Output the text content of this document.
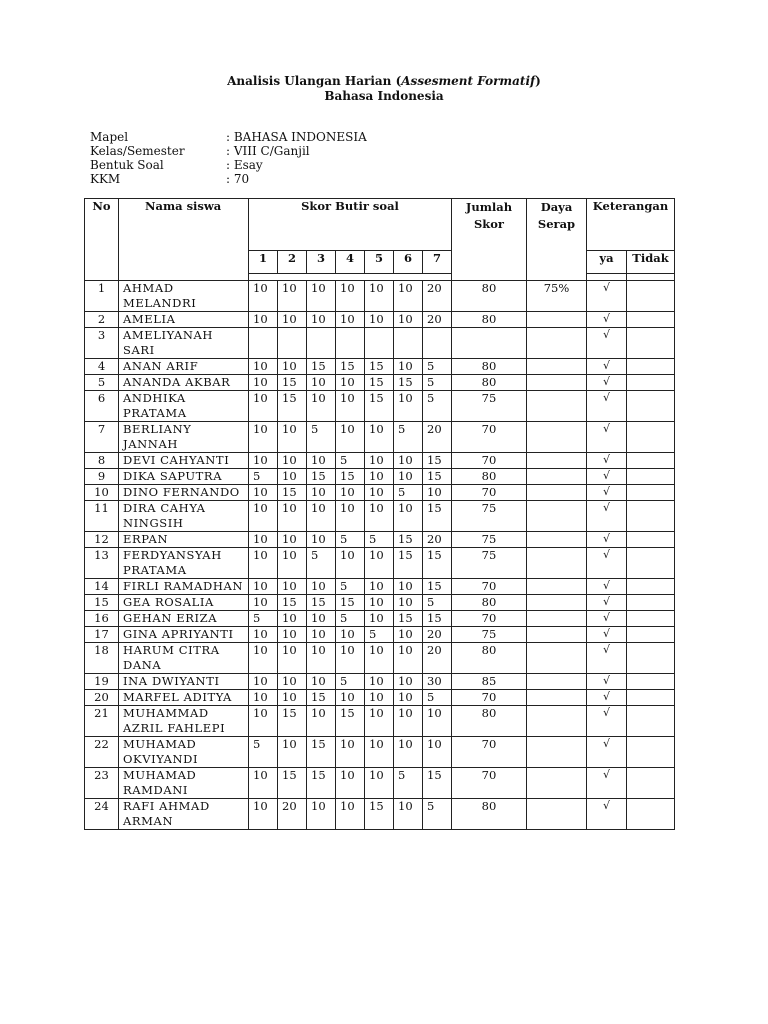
Analisis Ulangan Harian (Assesment Formatif)
Bahasa Indonesia
Mapel	: BAHASA INDONESIA
Kelas/Semester	: VIII C/Ganjil
Bentuk Soal	: Esay
KKM	: 70
No	Nama siswa	Skor Butir soal							Jumlah Skor	Daya Serap	Keterangan	
		1	2	3	4	5	6	7			ya	Tidak

1	AHMAD MELANDRI	10	10	10	10	10	10	20	80	75%	√	
2	AMELIA	10	10	10	10	10	10	20	80		√	
3	AMELIYANAH SARI										√	
4	ANAN ARIF	10	10	15	15	15	10	5	80		√	
5	ANANDA AKBAR	10	15	10	10	15	15	5	80		√	
6	ANDHIKA PRATAMA	10	15	10	10	15	10	5	75		√	
7	BERLIANY JANNAH	10	10	5	10	10	5	20	70		√	
8	DEVI CAHYANTI	10	10	10	5	10	10	15	70		√	
9	DIKA SAPUTRA	5	10	15	15	10	10	15	80		√	
10	DINO FERNANDO	10	15	10	10	10	5	10	70		√	
11	DIRA CAHYA NINGSIH	10	10	10	10	10	10	15	75		√	
12	ERPAN	10	10	10	5	5	15	20	75		√	
13	FERDYANSYAH PRATAMA	10	10	5	10	10	15	15	75		√	
14	FIRLI RAMADHAN	10	10	10	5	10	10	15	70		√	
15	GEA ROSALIA	10	15	15	15	10	10	5	80		√	
16	GEHAN ERIZA	5	10	10	5	10	15	15	70		√	
17	GINA APRIYANTI	10	10	10	10	5	10	20	75		√	
18	HARUM CITRA DANA	10	10	10	10	10	10	20	80		√	
19	INA DWIYANTI	10	10	10	5	10	10	30	85		√	
20	MARFEL ADITYA	10	10	15	10	10	10	5	70		√	
21	MUHAMMAD AZRIL FAHLEPI	10	15	10	15	10	10	10	80		√	
22	MUHAMAD OKVIYANDI	5	10	15	10	10	10	10	70		√	
23	MUHAMAD RAMDANI	10	15	15	10	10	5	15	70		√	
24	RAFI AHMAD ARMAN	10	20	10	10	15	10	5	80		√	
